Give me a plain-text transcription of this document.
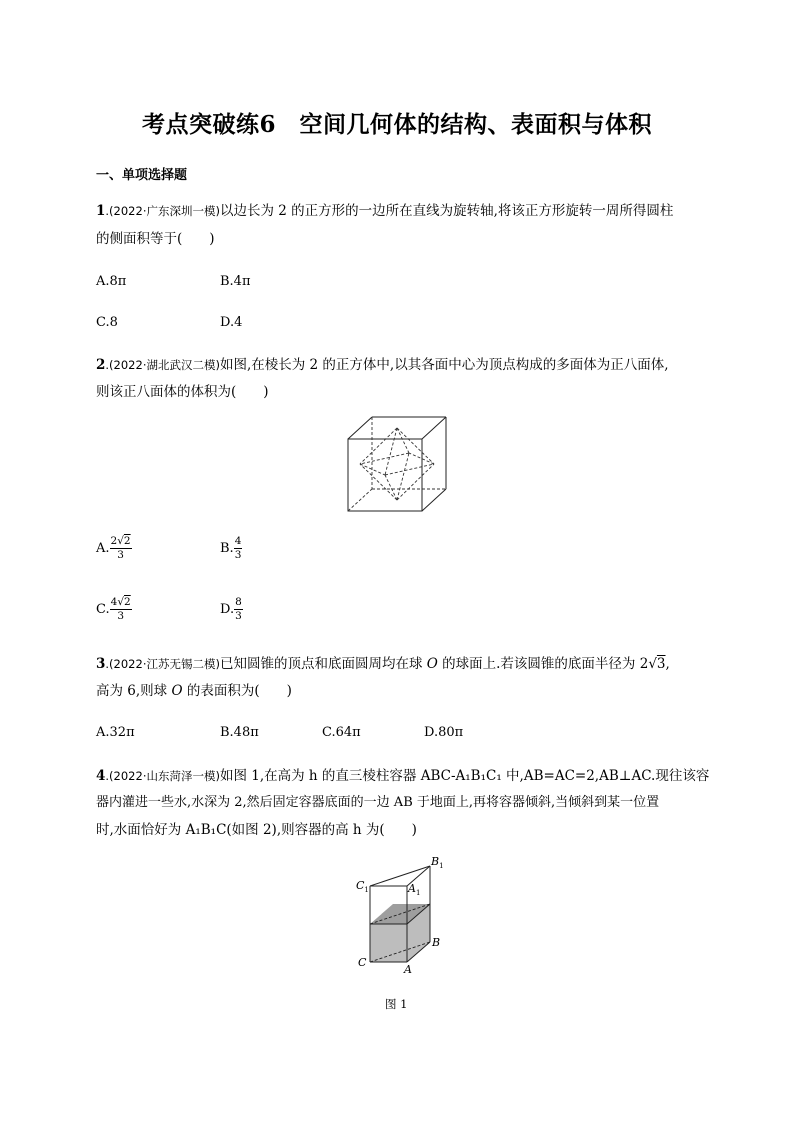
考点突破练6　空间几何体的结构、表面积与体积
一、单项选择题
1.(2022·广东深圳一模)以边长为 2 的正方形的一边所在直线为旋转轴,将该正方形旋转一周所得圆柱
的侧面积等于(　　)
A.8π	B.4π
C.8	D.4
2.(2022·湖北武汉二模)如图,在棱长为 2 的正方体中,以其各面中心为顶点构成的多面体为正八面体,
则该正八面体的体积为(　　)
A. $\frac{2√2}{3}$	B. $\frac{4}{3}$
C. $\frac{4√2}{3}$	D. $\frac{8}{3}$
3.(2022·江苏无锡二模)已知圆锥的顶点和底面圆周均在球 O 的球面上.若该圆锥的底面半径为 2√3,
高为 6,则球 O 的表面积为(　　)
A.32π	B.48π	C.64π	D.80π
4.(2022·山东菏泽一模)如图 1,在高为 h 的直三棱柱容器 ABC-A₁B₁C₁ 中,AB=AC=2,AB⊥AC.现往该容
器内灌进一些水,水深为 2,然后固定容器底面的一边 AB 于地面上,再将容器倾斜,当倾斜到某一位置
时,水面恰好为 A₁B₁C(如图 2),则容器的高 h 为(　　)
$B_1$
$C_1$	$A_1$
B
C
A
图 1
